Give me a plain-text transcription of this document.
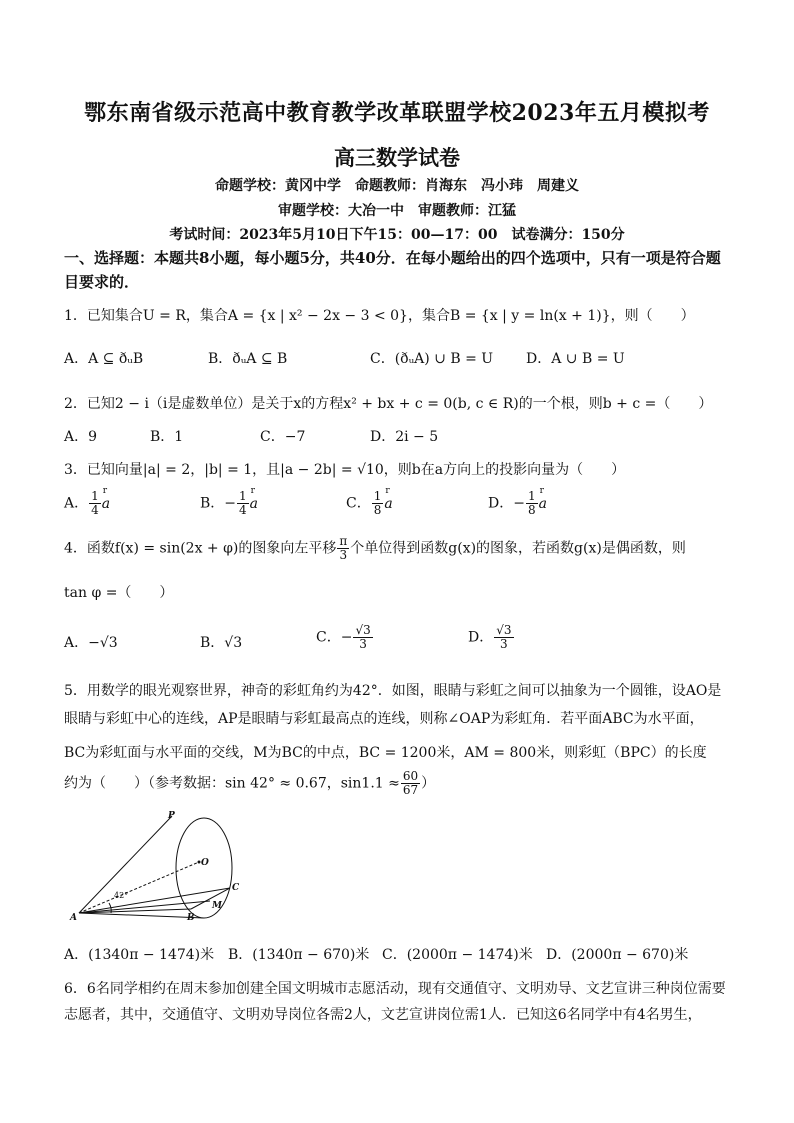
鄂东南省级示范高中教育教学改革联盟学校2023年五月模拟考
高三数学试卷
命题学校：黄冈中学　命题教师：肖海东　冯小玮　周建义
审题学校：大冶一中　审题教师：江猛
考试时间：2023年5月10日下午15：00—17：00　试卷满分：150分
一、选择题：本题共8小题，每小题5分，共40分．在每小题给出的四个选项中，只有一项是符合题目要求的．
1．已知集合U = R，集合A = {x | x² − 2x − 3 < 0}，集合B = {x | y = ln(x + 1)}，则（　　）
A．A ⊆ ðᵤB	B．ðᵤA ⊆ B	C．(ðᵤA) ∪ B = U D．A ∪ B = U
2．已知2 − i（i是虚数单位）是关于x的方程x² + bx + c = 0(b, c ∈ R)的一个根，则b + c =（　　）
A．9	B．1	C．−7	D．2i − 5
3．已知向量|a| = 2，|b| = 1，且|a − 2b| = √10，则b在a方向上的投影向量为（　　）
A． $\frac{1}{4}$ r a	B．− $\frac{1}{4}$ r a	C． $\frac{1}{8}$ r a	D．− $\frac{1}{8}$ r a
4．函数f(x) = sin(2x + φ)的图象向左平移 $\frac{\pi}{3}$ 个单位得到函数g(x)的图象，若函数g(x)是偶函数，则
tan φ =（　　）
A．−√3	B．√3	C．− $\frac{√3}{3}$	D． $\frac{√3}{3}$
5．用数学的眼光观察世界，神奇的彩虹角约为42°．如图，眼睛与彩虹之间可以抽象为一个圆锥，设AO是
眼睛与彩虹中心的连线，AP是眼睛与彩虹最高点的连线，则称∠OAP为彩虹角．若平面ABC为水平面，
BC为彩虹面与水平面的交线，M为BC的中点，BC = 1200米，AM = 800米，则彩虹（BPC）的长度
约为（　　）（参考数据：sin 42° ≈ 0.67，$\sin 1.1 \approx \frac{60}{67}$ ）
P
O
A	B
C
M
42°
A．(1340π − 1474)米 B．(1340π − 670)米 C．(2000π − 1474)米 D．(2000π − 670)米
6．6名同学相约在周末参加创建全国文明城市志愿活动，现有交通值守、文明劝导、文艺宣讲三种岗位需要
志愿者，其中，交通值守、文明劝导岗位各需2人，文艺宣讲岗位需1人．已知这6名同学中有4名男生，
